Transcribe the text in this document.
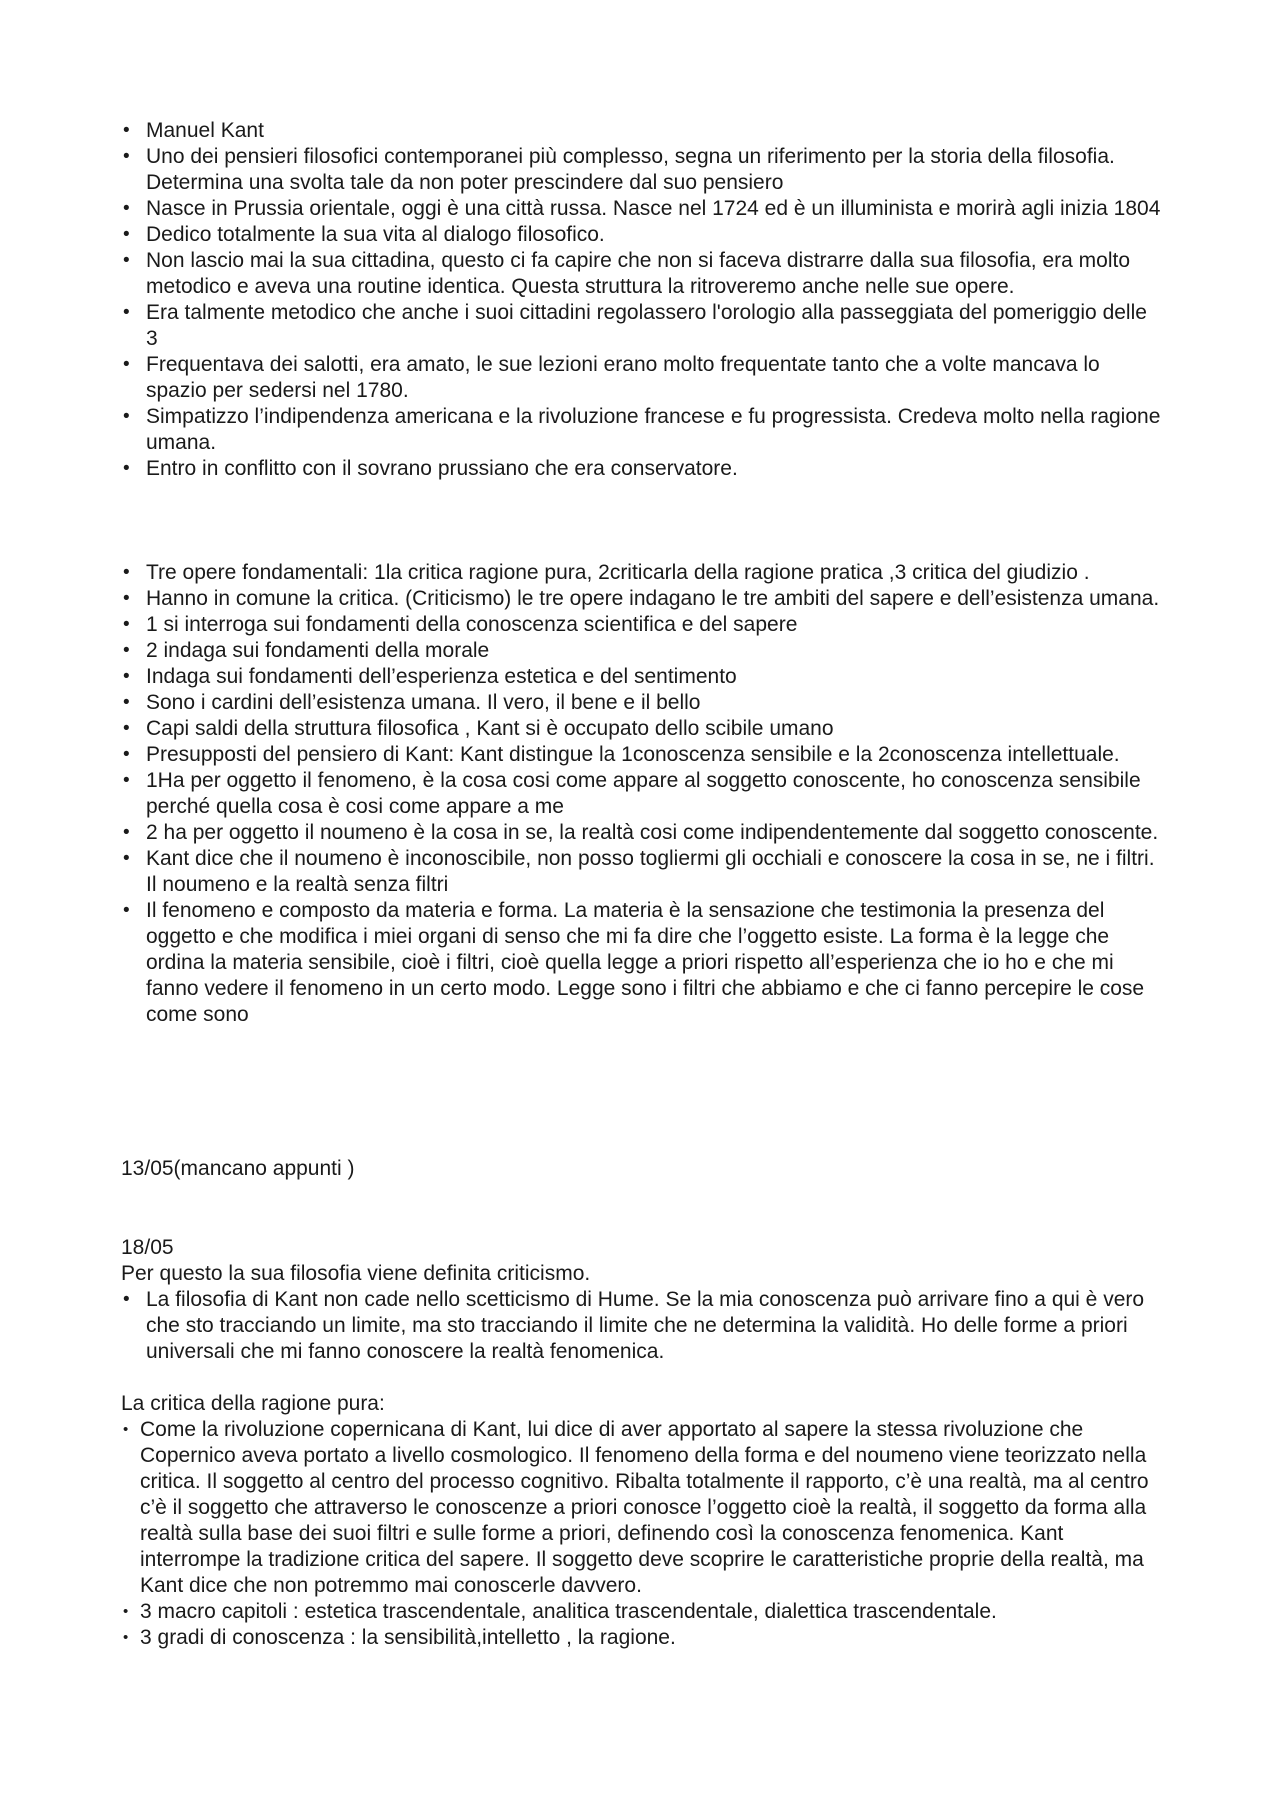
• Manuel Kant
• Uno dei pensieri filosofici contemporanei più complesso, segna un riferimento per la storia della filosofia. Determina una svolta tale da non poter prescindere dal suo pensiero
• Nasce in Prussia orientale, oggi è una città russa. Nasce nel 1724 ed è un illuminista e morirà agli inizia 1804
• Dedico totalmente la sua vita al dialogo filosofico.
• Non lascio mai la sua cittadina, questo ci fa capire che non si faceva distrarre dalla sua filosofia, era molto metodico e aveva una routine identica. Questa struttura la ritroveremo anche nelle sue opere.
• Era talmente metodico che anche i suoi cittadini regolassero l'orologio alla passeggiata del pomeriggio delle 3
• Frequentava dei salotti, era amato, le sue lezioni erano molto frequentate tanto che a volte mancava lo spazio per sedersi nel 1780.
• Simpatizzo l’indipendenza americana e la rivoluzione francese e fu progressista. Credeva molto nella ragione umana.
• Entro in conflitto con il sovrano prussiano che era conservatore.
• Tre opere fondamentali: 1la critica ragione pura, 2criticarla della ragione pratica ,3 critica del giudizio .
• Hanno in comune la critica. (Criticismo) le tre opere indagano le tre ambiti del sapere e dell’esistenza umana.
• 1 si interroga sui fondamenti della conoscenza scientifica e del sapere
• 2 indaga sui fondamenti della morale
• Indaga sui fondamenti dell’esperienza estetica e del sentimento
• Sono i cardini dell’esistenza umana. Il vero, il bene e il bello
• Capi saldi della struttura filosofica , Kant si è occupato dello scibile umano
• Presupposti del pensiero di Kant: Kant distingue la 1conoscenza sensibile e la 2conoscenza intellettuale.
• 1Ha per oggetto il fenomeno, è la cosa cosi come appare al soggetto conoscente, ho conoscenza sensibile perché quella cosa è cosi come appare a me
• 2 ha per oggetto il noumeno è la cosa in se, la realtà cosi come indipendentemente dal soggetto conoscente.
• Kant dice che il noumeno è inconoscibile, non posso togliermi gli occhiali e conoscere la cosa in se, ne i filtri. Il noumeno e la realtà senza filtri
• Il fenomeno e composto da materia e forma. La materia è la sensazione che testimonia la presenza del oggetto e che modifica i miei organi di senso che mi fa dire che l’oggetto esiste. La forma è la legge che ordina la materia sensibile, cioè i filtri, cioè quella legge a priori rispetto all’esperienza che io ho e che mi fanno vedere il fenomeno in un certo modo. Legge sono i filtri che abbiamo e che ci fanno percepire le cose come sono
13/05(mancano appunti )
18/05
Per questo la sua filosofia viene definita criticismo.
• La filosofia di Kant non cade nello scetticismo di Hume. Se la mia conoscenza può arrivare fino a qui è vero che sto tracciando un limite, ma sto tracciando il limite che ne determina la validità. Ho delle forme a priori universali che mi fanno conoscere la realtà fenomenica.
La critica della ragione pura:
• Come la rivoluzione copernicana di Kant, lui dice di aver apportato al sapere la stessa rivoluzione che Copernico aveva portato a livello cosmologico. Il fenomeno della forma e del noumeno viene teorizzato nella critica. Il soggetto al centro del processo cognitivo. Ribalta totalmente il rapporto, c’è una realtà, ma al centro c’è il soggetto che attraverso le conoscenze a priori conosce l’oggetto cioè la realtà, il soggetto da forma alla realtà sulla base dei suoi filtri e sulle forme a priori, definendo così la conoscenza fenomenica. Kant interrompe la tradizione critica del sapere. Il soggetto deve scoprire le caratteristiche proprie della realtà, ma Kant dice che non potremmo mai conoscerle davvero.
• 3 macro capitoli : estetica trascendentale, analitica trascendentale, dialettica trascendentale.
• 3 gradi di conoscenza : la sensibilità,intelletto , la ragione.
